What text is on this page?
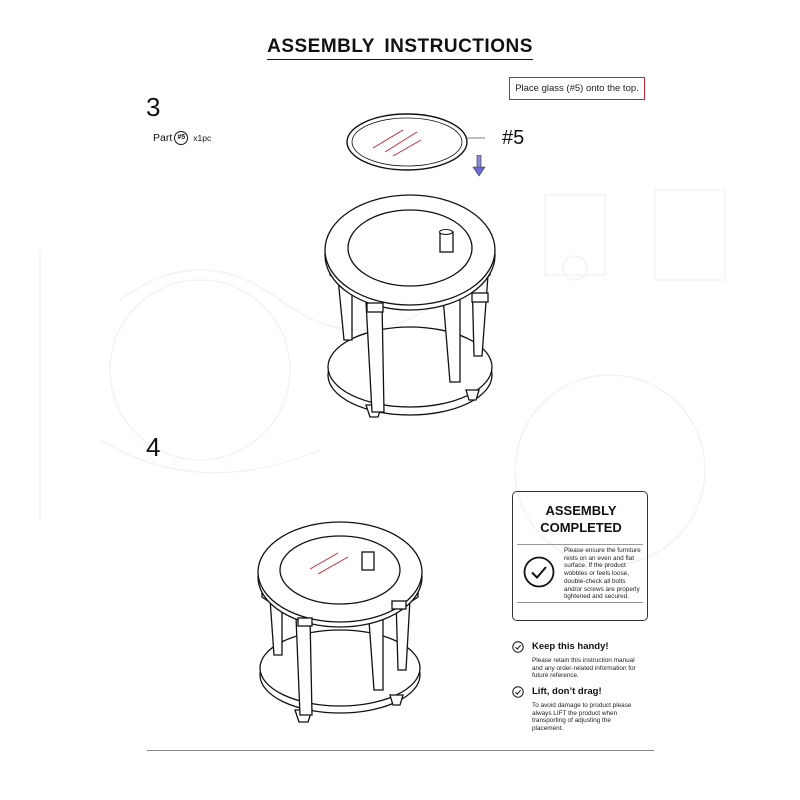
ASSEMBLY INSTRUCTIONS
Place glass (#5) onto the top.
3
Part #5 x1pc	#5
4
ASSEMBLY
COMPLETED
Please ensure the furniture rests on an even and flat surface. If the product wobbles or feels loose, double-check all bolts and/or screws are properly tightened and secured.
Keep this handy!
Please retain this instruction manual and any order-related information for future reference.
Lift, don’t drag!
To avoid damage to product please always LIFT the product when transporting of adjusting the placement.
